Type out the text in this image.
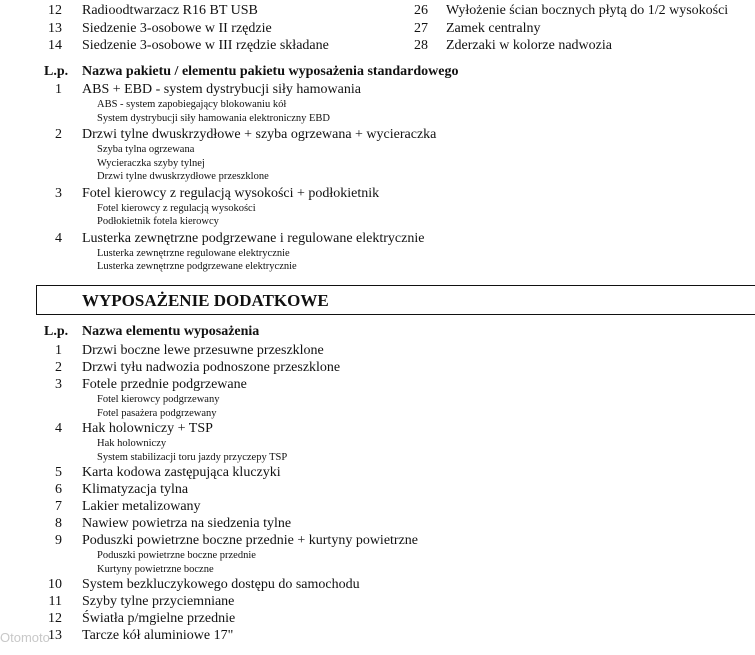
12 Radioodtwarzacz R16 BT USB
13 Siedzenie 3-osobowe w II rzędzie
14 Siedzenie 3-osobowe w III rzędzie składane
26 Wyłożenie ścian bocznych płytą do 1/2 wysokości
27 Zamek centralny
28 Zderzaki w kolorze nadwozia
L.p. Nazwa pakietu / elementu pakietu wyposażenia standardowego
1 ABS + EBD - system dystrybucji siły hamowania
ABS - system zapobiegający blokowaniu kół
System dystrybucji siły hamowania elektroniczny EBD
2 Drzwi tylne dwuskrzydłowe + szyba ogrzewana + wycieraczka
Szyba tylna ogrzewana
Wycieraczka szyby tylnej
Drzwi tylne dwuskrzydłowe przeszklone
3 Fotel kierowcy z regulacją wysokości + podłokietnik
Fotel kierowcy z regulacją wysokości
Podłokietnik fotela kierowcy
4 Lusterka zewnętrzne podgrzewane i regulowane elektrycznie
Lusterka zewnętrzne regulowane elektrycznie
Lusterka zewnętrzne podgrzewane elektrycznie
WYPOSAŻENIE DODATKOWE
L.p. Nazwa elementu wyposażenia
1 Drzwi boczne lewe przesuwne przeszklone
2 Drzwi tyłu nadwozia podnoszone przeszklone
3 Fotele przednie podgrzewane
Fotel kierowcy podgrzewany
Fotel pasażera podgrzewany
4 Hak holowniczy + TSP
Hak holowniczy
System stabilizacji toru jazdy przyczepy TSP
5 Karta kodowa zastępująca kluczyki
6 Klimatyzacja tylna
7 Lakier metalizowany
8 Nawiew powietrza na siedzenia tylne
9 Poduszki powietrzne boczne przednie + kurtyny powietrzne
Poduszki powietrzne boczne przednie
Kurtyny powietrzne boczne
10 System bezkluczykowego dostępu do samochodu
11 Szyby tylne przyciemniane
12 Światła p/mgielne przednie
13 Tarcze kół aluminiowe 17"
Otomoto
